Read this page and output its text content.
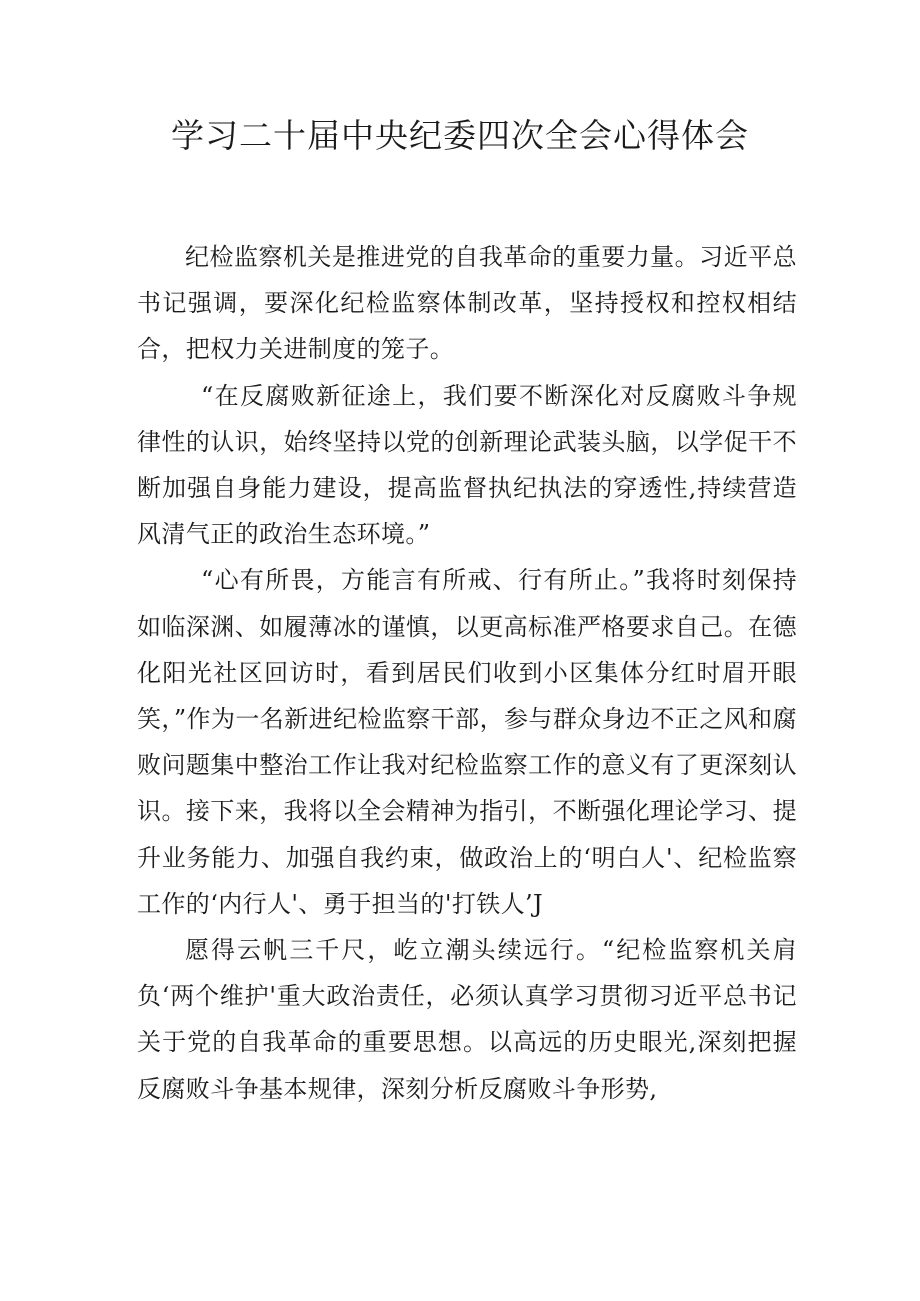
学习二十届中央纪委四次全会心得体会

纪检监察机关是推进党的自我革命的重要力量。习近平总书记强调，要深化纪检监察体制改革，坚持授权和控权相结合，把权力关进制度的笼子。

“在反腐败新征途上，我们要不断深化对反腐败斗争规律性的认识，始终坚持以党的创新理论武装头脑，以学促干不断加强自身能力建设，提高监督执纪执法的穿透性,持续营造风清气正的政治生态环境。”

“心有所畏，方能言有所戒、行有所止。”我将时刻保持如临深渊、如履薄冰的谨慎，以更高标准严格要求自己。在德化阳光社区回访时，看到居民们收到小区集体分红时眉开眼笑，”作为一名新进纪检监察干部，参与群众身边不正之风和腐败问题集中整治工作让我对纪检监察工作的意义有了更深刻认识。接下来，我将以全会精神为指引，不断强化理论学习、提升业务能力、加强自我约束，做政治上的‘明白人'、纪检监察工作的‘内行人'、勇于担当的'打铁人’J

愿得云帆三千尺，屹立潮头续远行。“纪检监察机关肩负‘两个维护'重大政治责任，必须认真学习贯彻习近平总书记关于党的自我革命的重要思想。以高远的历史眼光,深刻把握反腐败斗争基本规律，深刻分析反腐败斗争形势,
